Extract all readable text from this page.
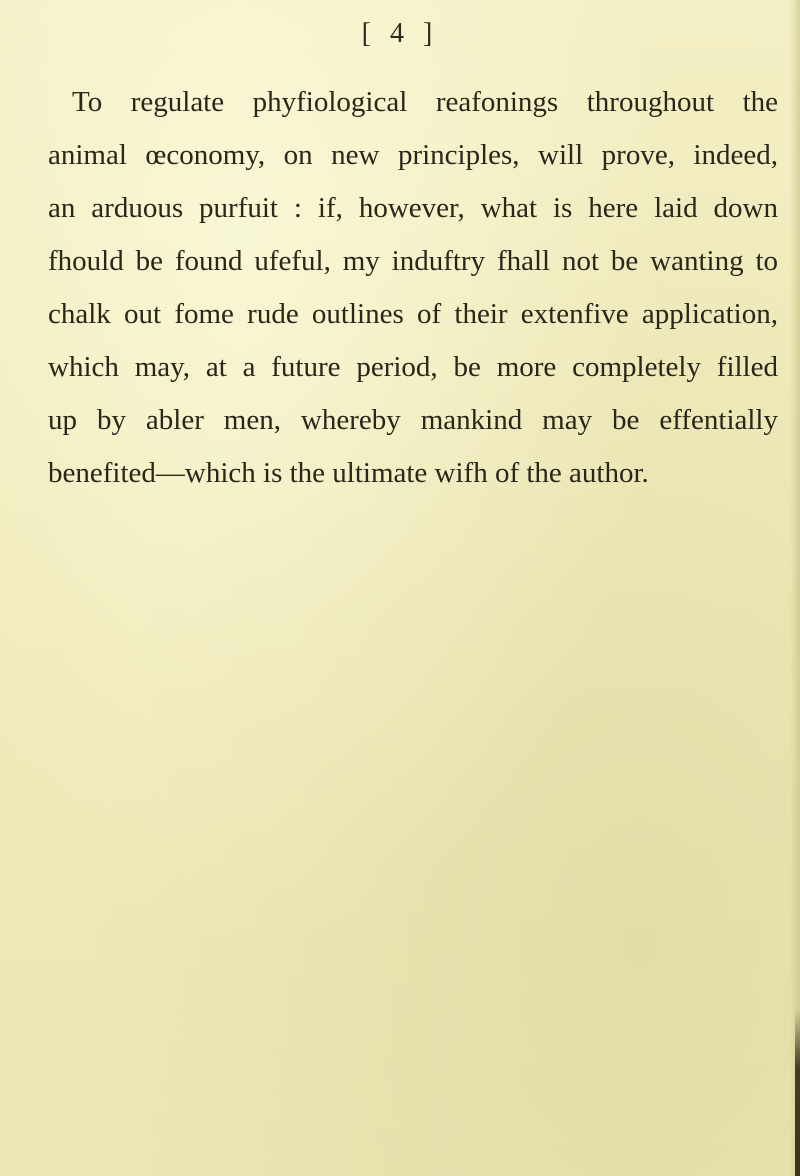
[ 4 ]
To regulate phyfiological reafonings throughout the
animal œconomy, on new principles, will prove, indeed,
an arduous purfuit : if, however, what is here laid down
fhould be found ufeful, my induftry fhall not be wanting to
chalk out fome rude outlines of their extenfive application,
which may, at a future period, be more completely filled
up by abler men, whereby mankind may be effentially
benefited—which is the ultimate wifh of the author.
